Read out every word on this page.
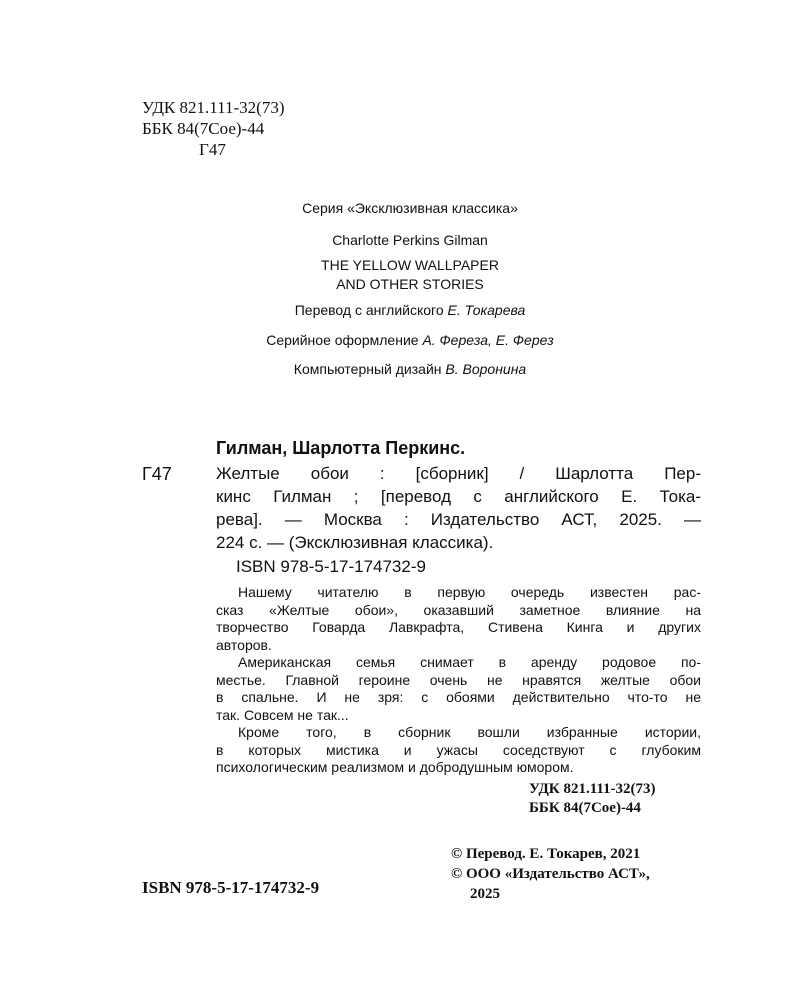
УДК 821.111-32(73)
ББК 84(7Сое)-44
Г47
Серия «Эксклюзивная классика»
Charlotte Perkins Gilman
THE YELLOW WALLPAPER
AND OTHER STORIES
Перевод с английского Е. Токарева
Серийное оформление А. Фереза, Е. Ферез
Компьютерный дизайн В. Воронина
Гилман, Шарлотта Перкинс.
Г47	Желтые обои : [сборник] / Шарлотта Пер-
кинс Гилман ; [перевод с английского Е. Тока-
рева]. — Москва : Издательство АСТ, 2025. —
224 с. — (Эксклюзивная классика).
ISBN 978-5-17-174732-9
Нашему читателю в первую очередь известен рас-
сказ «Желтые обои», оказавший заметное влияние на
творчество Говарда Лавкрафта, Стивена Кинга и других
авторов.
Американская семья снимает в аренду родовое по-
местье. Главной героине очень не нравятся желтые обои
в спальне. И не зря: с обоями действительно что-то не
так. Совсем не так...
Кроме того, в сборник вошли избранные истории,
в которых мистика и ужасы соседствуют с глубоким
психологическим реализмом и добродушным юмором.
УДК 821.111-32(73)
ББК 84(7Сое)-44
© Перевод. Е. Токарев, 2021
© ООО «Издательство АСТ»,
2025
ISBN 978-5-17-174732-9
